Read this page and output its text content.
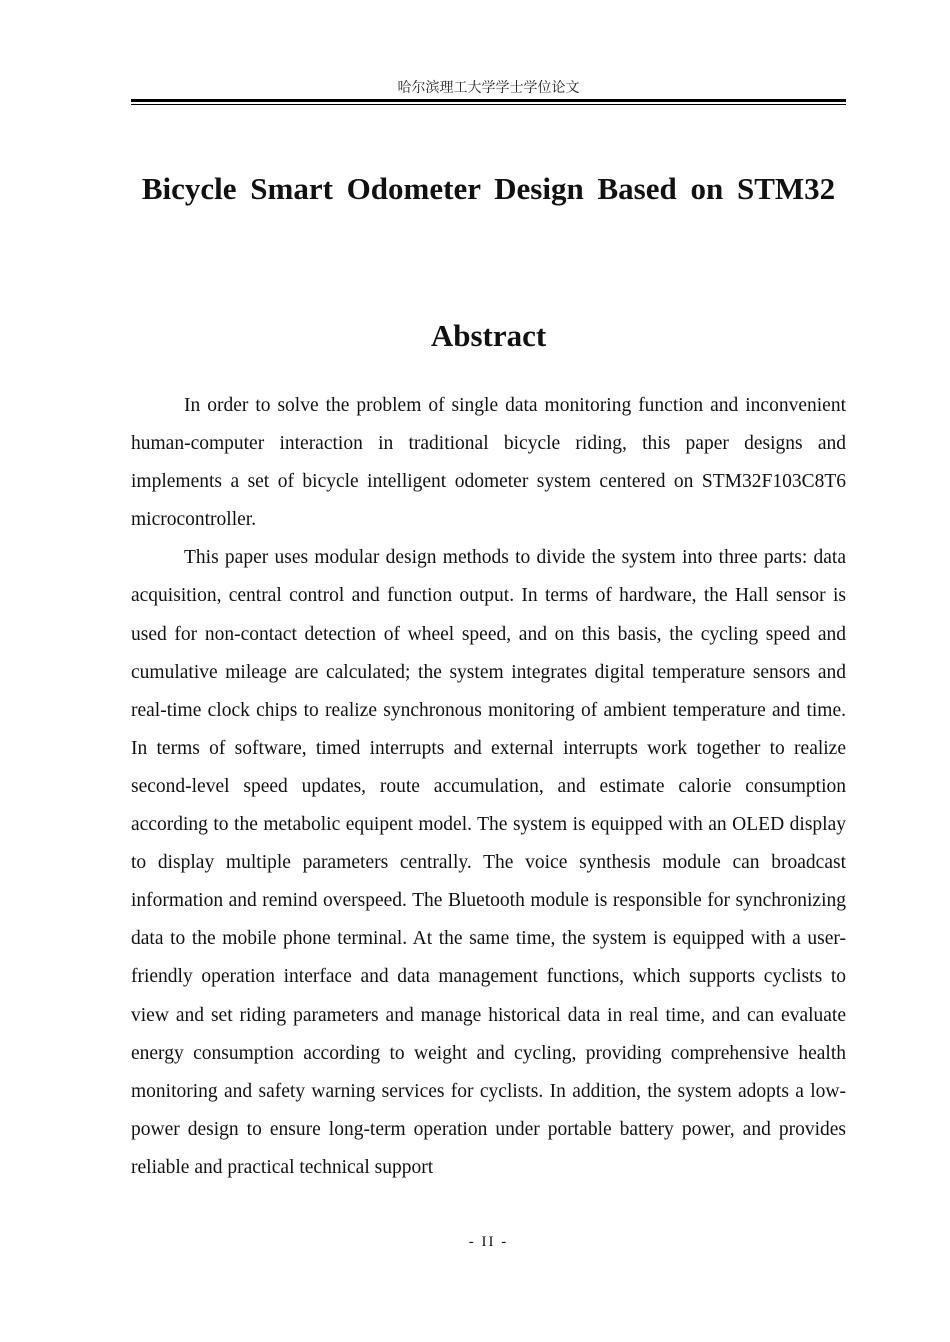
哈尔滨理工大学学士学位论文
Bicycle Smart Odometer Design Based on STM32
Abstract

In order to solve the problem of single data monitoring function and inconvenient human-computer interaction in traditional bicycle riding, this paper designs and implements a set of bicycle intelligent odometer system centered on STM32F103C8T6 microcontroller.

This paper uses modular design methods to divide the system into three parts: data acquisition, central control and function output. In terms of hardware, the Hall sensor is used for non-contact detection of wheel speed, and on this basis, the cycling speed and cumulative mileage are calculated; the system integrates digital temperature sensors and real-time clock chips to realize synchronous monitoring of ambient temperature and time. In terms of software, timed interrupts and external interrupts work together to realize second-level speed updates, route accumulation, and estimate calorie consumption according to the metabolic equipent model. The system is equipped with an OLED display to display multiple parameters centrally. The voice synthesis module can broadcast information and remind overspeed. The Bluetooth module is responsible for synchronizing data to the mobile phone terminal. At the same time, the system is equipped with a user-friendly operation interface and data management functions, which supports cyclists to view and set riding parameters and manage historical data in real time, and can evaluate energy consumption according to weight and cycling, providing comprehensive health monitoring and safety warning services for cyclists. In addition, the system adopts a low-power design to ensure long-term operation under portable battery power, and provides reliable and practical technical support

- II -
